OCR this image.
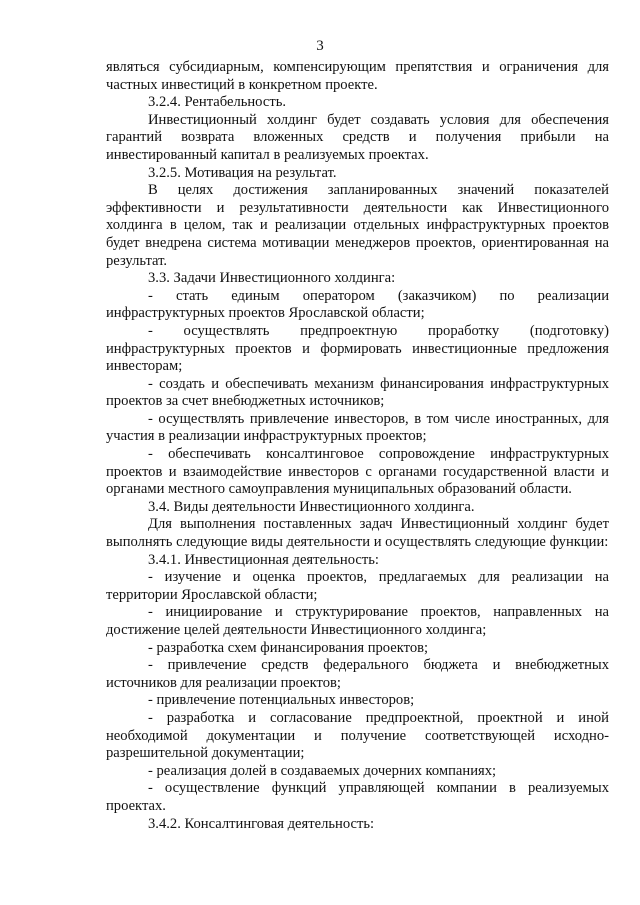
3

являться субсидиарным, компенсирующим препятствия и ограничения для частных инвестиций в конкретном проекте.

3.2.4. Рентабельность.

Инвестиционный холдинг будет создавать условия для обеспечения гарантий возврата вложенных средств и получения прибыли на инвестированный капитал в реализуемых проектах.

3.2.5. Мотивация на результат.

В целях достижения запланированных значений показателей эффективности и результативности деятельности как Инвестиционного холдинга в целом, так и реализации отдельных инфраструктурных проектов будет внедрена система мотивации менеджеров проектов, ориентированная на результат.

3.3. Задачи Инвестиционного холдинга:

- стать единым оператором (заказчиком) по реализации инфраструктурных проектов Ярославской области;

- осуществлять предпроектную проработку (подготовку) инфраструктурных проектов и формировать инвестиционные предложения инвесторам;

- создать и обеспечивать механизм финансирования инфраструктурных проектов за счет внебюджетных источников;

- осуществлять привлечение инвесторов, в том числе иностранных, для участия в реализации инфраструктурных проектов;

- обеспечивать консалтинговое сопровождение инфраструктурных проектов и взаимодействие инвесторов с органами государственной власти и органами местного самоуправления муниципальных образований области.

3.4. Виды деятельности Инвестиционного холдинга.

Для выполнения поставленных задач Инвестиционный холдинг будет выполнять следующие виды деятельности и осуществлять следующие функции:

3.4.1. Инвестиционная деятельность:

- изучение и оценка проектов, предлагаемых для реализации на территории Ярославской области;

- инициирование и структурирование проектов, направленных на достижение целей деятельности Инвестиционного холдинга;

- разработка схем финансирования проектов;

- привлечение средств федерального бюджета и внебюджетных источников для реализации проектов;

- привлечение потенциальных инвесторов;

- разработка и согласование предпроектной, проектной и иной необходимой документации и получение соответствующей исходно-разрешительной документации;

- реализация долей в создаваемых дочерних компаниях;

- осуществление функций управляющей компании в реализуемых проектах.

3.4.2. Консалтинговая деятельность:
